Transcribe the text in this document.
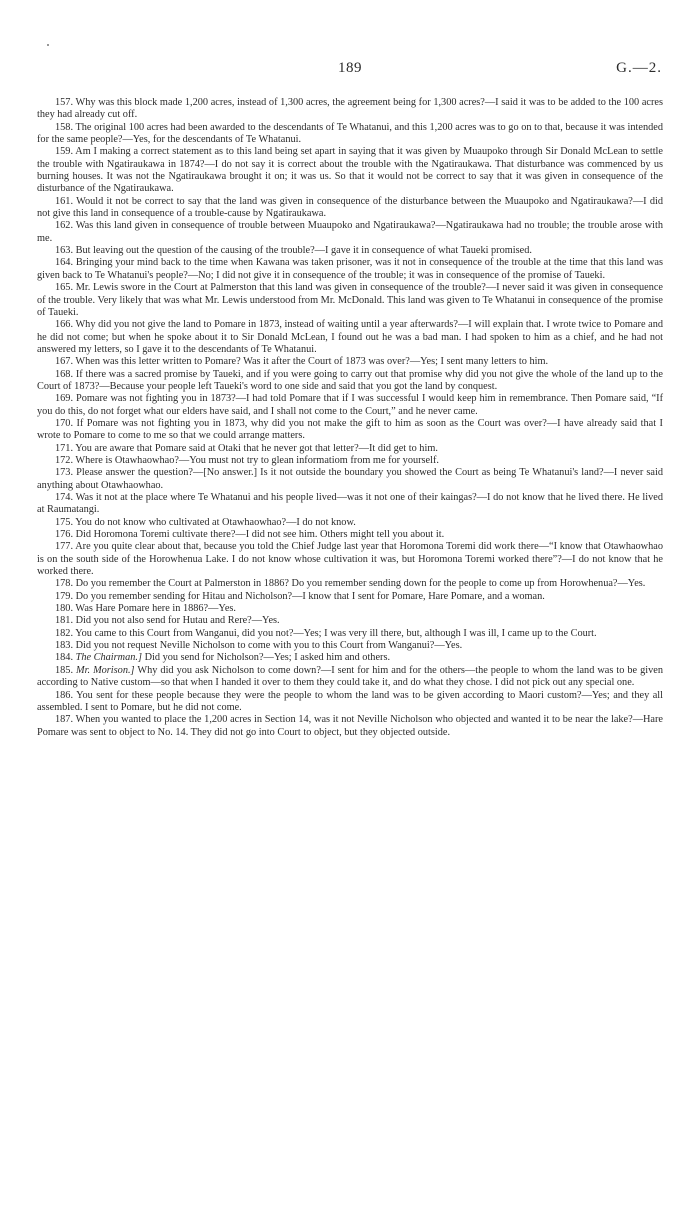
189	G.—2.

157. Why was this block made 1,200 acres, instead of 1,300 acres, the agreement being for 1,300 acres?—I said it was to be added to the 100 acres they had already cut off.

158. The original 100 acres had been awarded to the descendants of Te Whatanui, and this 1,200 acres was to go on to that, because it was intended for the same people?—Yes, for the descendants of Te Whatanui.

159. Am I making a correct statement as to this land being set apart in saying that it was given by Muaupoko through Sir Donald McLean to settle the trouble with Ngatiraukawa in 1874?—I do not say it is correct about the trouble with the Ngatiraukawa. That disturbance was commenced by us burning houses. It was not the Ngatiraukawa brought it on; it was us. So that it would not be correct to say that it was given in consequence of the disturbance of the Ngatiraukawa.

161. Would it not be correct to say that the land was given in consequence of the disturbance between the Muaupoko and Ngatiraukawa?—I did not give this land in consequence of a trouble-cause by Ngatiraukawa.

162. Was this land given in consequence of trouble between Muaupoko and Ngatiraukawa?—Ngatiraukawa had no trouble; the trouble arose with me.

163. But leaving out the question of the causing of the trouble?—I gave it in consequence of what Taueki promised.

164. Bringing your mind back to the time when Kawana was taken prisoner, was it not in consequence of the trouble at the time that this land was given back to Te Whatanui's people?—No; I did not give it in consequence of the trouble; it was in consequence of the promise of Taueki.

165. Mr. Lewis swore in the Court at Palmerston that this land was given in consequence of the trouble?—I never said it was given in consequence of the trouble. Very likely that was what Mr. Lewis understood from Mr. McDonald. This land was given to Te Whatanui in consequence of the promise of Taueki.

166. Why did you not give the land to Pomare in 1873, instead of waiting until a year afterwards?—I will explain that. I wrote twice to Pomare and he did not come; but when he spoke about it to Sir Donald McLean, I found out he was a bad man. I had spoken to him as a chief, and he had not answered my letters, so I gave it to the descendants of Te Whatanui.

167. When was this letter written to Pomare? Was it after the Court of 1873 was over?—Yes; I sent many letters to him.

168. If there was a sacred promise by Taueki, and if you were going to carry out that promise why did you not give the whole of the land up to the Court of 1873?—Because your people left Taueki's word to one side and said that you got the land by conquest.

169. Pomare was not fighting you in 1873?—I had told Pomare that if I was successful I would keep him in remembrance. Then Pomare said, “If you do this, do not forget what our elders have said, and I shall not come to the Court,” and he never came.

170. If Pomare was not fighting you in 1873, why did you not make the gift to him as soon as the Court was over?—I have already said that I wrote to Pomare to come to me so that we could arrange matters.

171. You are aware that Pomare said at Otaki that he never got that letter?—It did get to him.

172. Where is Otawhaowhao?—You must not try to glean informatiom from me for yourself.

173. Please answer the question?—[No answer.] Is it not outside the boundary you showed the Court as being Te Whatanui's land?—I never said anything about Otawhaowhao.

174. Was it not at the place where Te Whatanui and his people lived—was it not one of their kaingas?—I do not know that he lived there. He lived at Raumatangi.

175. You do not know who cultivated at Otawhaowhao?—I do not know.

176. Did Horomona Toremi cultivate there?—I did not see him. Others might tell you about it.

177. Are you quite clear about that, because you told the Chief Judge last year that Horomona Toremi did work there—“I know that Otawhaowhao is on the south side of the Horowhenua Lake. I do not know whose cultivation it was, but Horomona Toremi worked there”?—I do not know that he worked there.

178. Do you remember the Court at Palmerston in 1886? Do you remember sending down for the people to come up from Horowhenua?—Yes.

179. Do you remember sending for Hitau and Nicholson?—I know that I sent for Pomare, Hare Pomare, and a woman.

180. Was Hare Pomare here in 1886?—Yes.

181. Did you not also send for Hutau and Rere?—Yes.

182. You came to this Court from Wanganui, did you not?—Yes; I was very ill there, but, although I was ill, I came up to the Court.

183. Did you not request Neville Nicholson to come with you to this Court from Wanganui?—Yes.

184. The Chairman.] Did you send for Nicholson?—Yes; I asked him and others.

185. Mr. Morison.] Why did you ask Nicholson to come down?—I sent for him and for the others—the people to whom the land was to be given according to Native custom—so that when I handed it over to them they could take it, and do what they chose. I did not pick out any special one.

186. You sent for these people because they were the people to whom the land was to be given according to Maori custom?—Yes; and they all assembled. I sent to Pomare, but he did not come.

187. When you wanted to place the 1,200 acres in Section 14, was it not Neville Nicholson who objected and wanted it to be near the lake?—Hare Pomare was sent to object to No. 14. They did not go into Court to object, but they objected outside.
